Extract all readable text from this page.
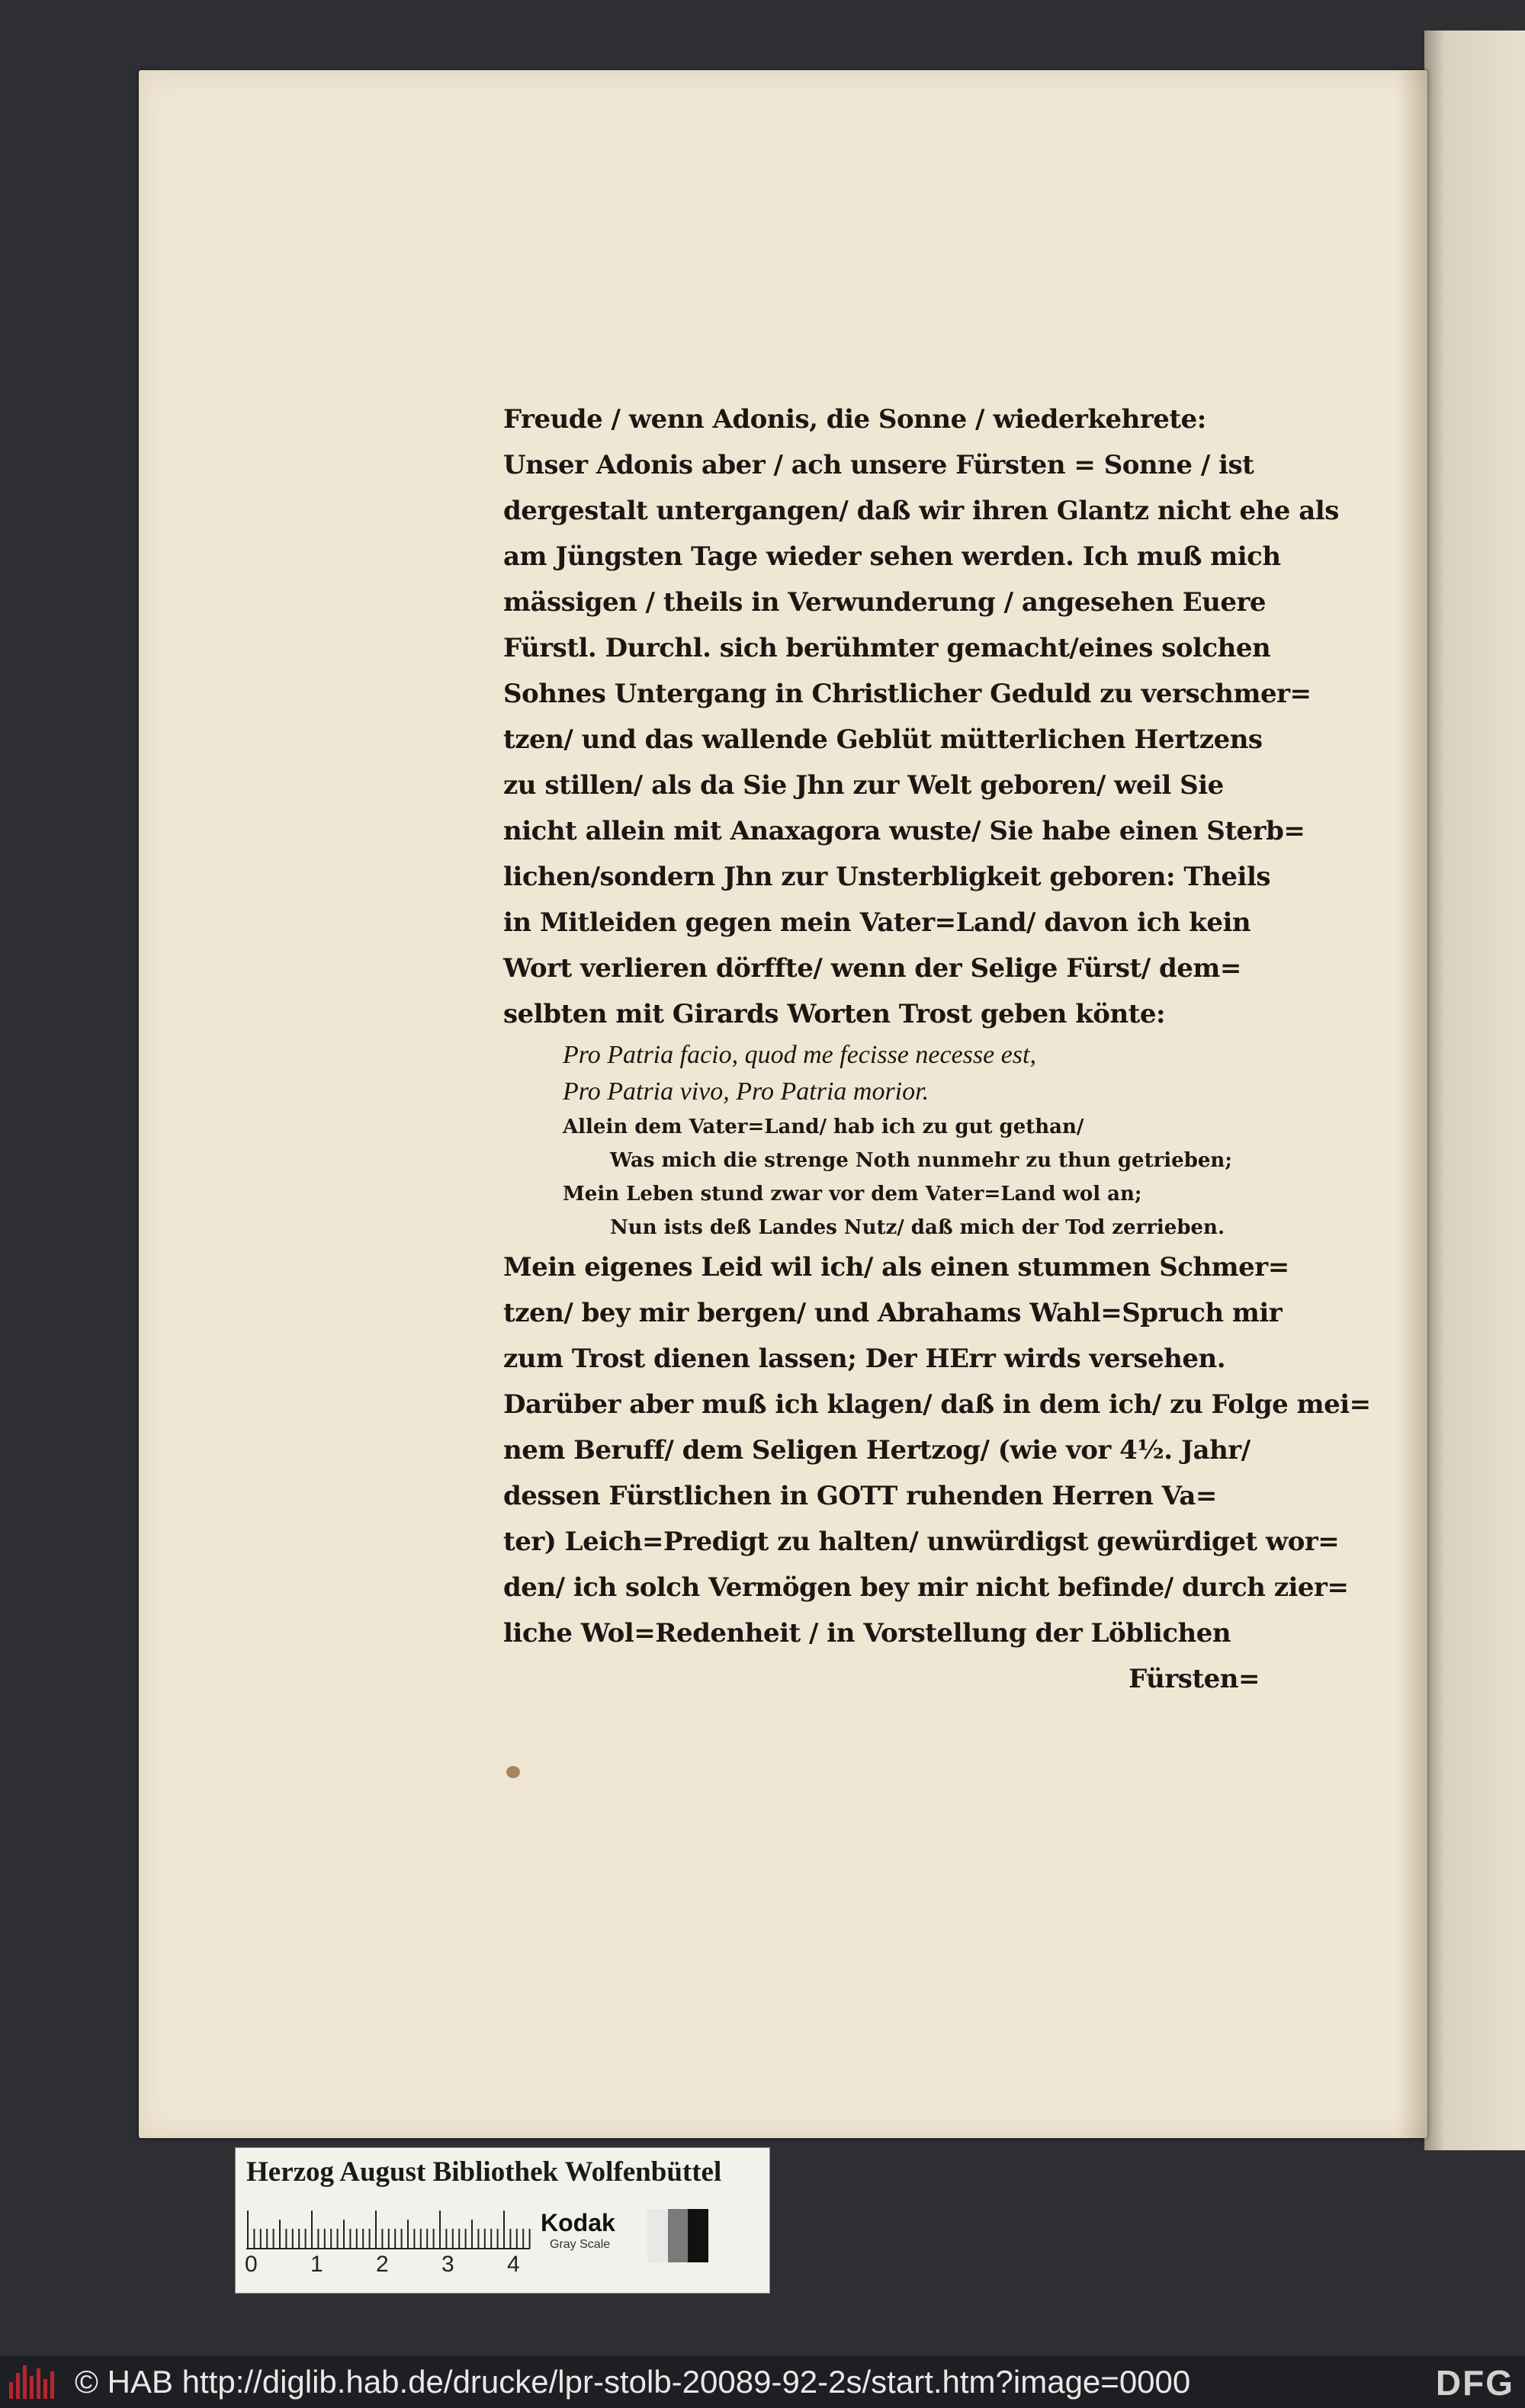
Freude / wenn Adonis, die Sonne / wiederkehrete:
Unser Adonis aber / ach unsere Fürsten = Sonne / ist
dergestalt untergangen/ daß wir ihren Glantz nicht ehe als
am Jüngsten Tage wieder sehen werden. Ich muß mich
mässigen / theils in Verwunderung / angesehen Euere
Fürstl. Durchl. sich berühmter gemacht/eines solchen
Sohnes Untergang in Christlicher Geduld zu verschmer=
tzen/ und das wallende Geblüt mütterlichen Hertzens
zu stillen/ als da Sie Jhn zur Welt geboren/ weil Sie
nicht allein mit Anaxagora wuste/ Sie habe einen Sterb=
lichen/sondern Jhn zur Unsterbligkeit geboren: Theils
in Mitleiden gegen mein Vater=Land/ davon ich kein
Wort verlieren dörffte/ wenn der Selige Fürst/ dem=
selbten mit Girards Worten Trost geben könte:
Pro Patria facio, quod me fecisse necesse est,
Pro Patria vivo, Pro Patria morior.
Allein dem Vater=Land/ hab ich zu gut gethan/
Was mich die strenge Noth nunmehr zu thun getrieben;
Mein Leben stund zwar vor dem Vater=Land wol an;
Nun ists deß Landes Nutz/ daß mich der Tod zerrieben.
Mein eigenes Leid wil ich/ als einen stummen Schmer=
tzen/ bey mir bergen/ und Abrahams Wahl=Spruch mir
zum Trost dienen lassen; Der HErr wirds versehen.
Darüber aber muß ich klagen/ daß in dem ich/ zu Folge mei=
nem Beruff/ dem Seligen Hertzog/ (wie vor 4½. Jahr/
dessen Fürstlichen in GOTT ruhenden Herren Va=
ter) Leich=Predigt zu halten/ unwürdigst gewürdiget wor=
den/ ich solch Vermögen bey mir nicht befinde/ durch zier=
liche Wol=Redenheit / in Vorstellung der Löblichen
Fürsten=
Herzog August Bibliothek Wolfenbüttel
0 1 2 3 4
Kodak
Gray Scale
© HAB http://diglib.hab.de/drucke/lpr-stolb-20089-92-2s/start.htm?image=0000	DFG
